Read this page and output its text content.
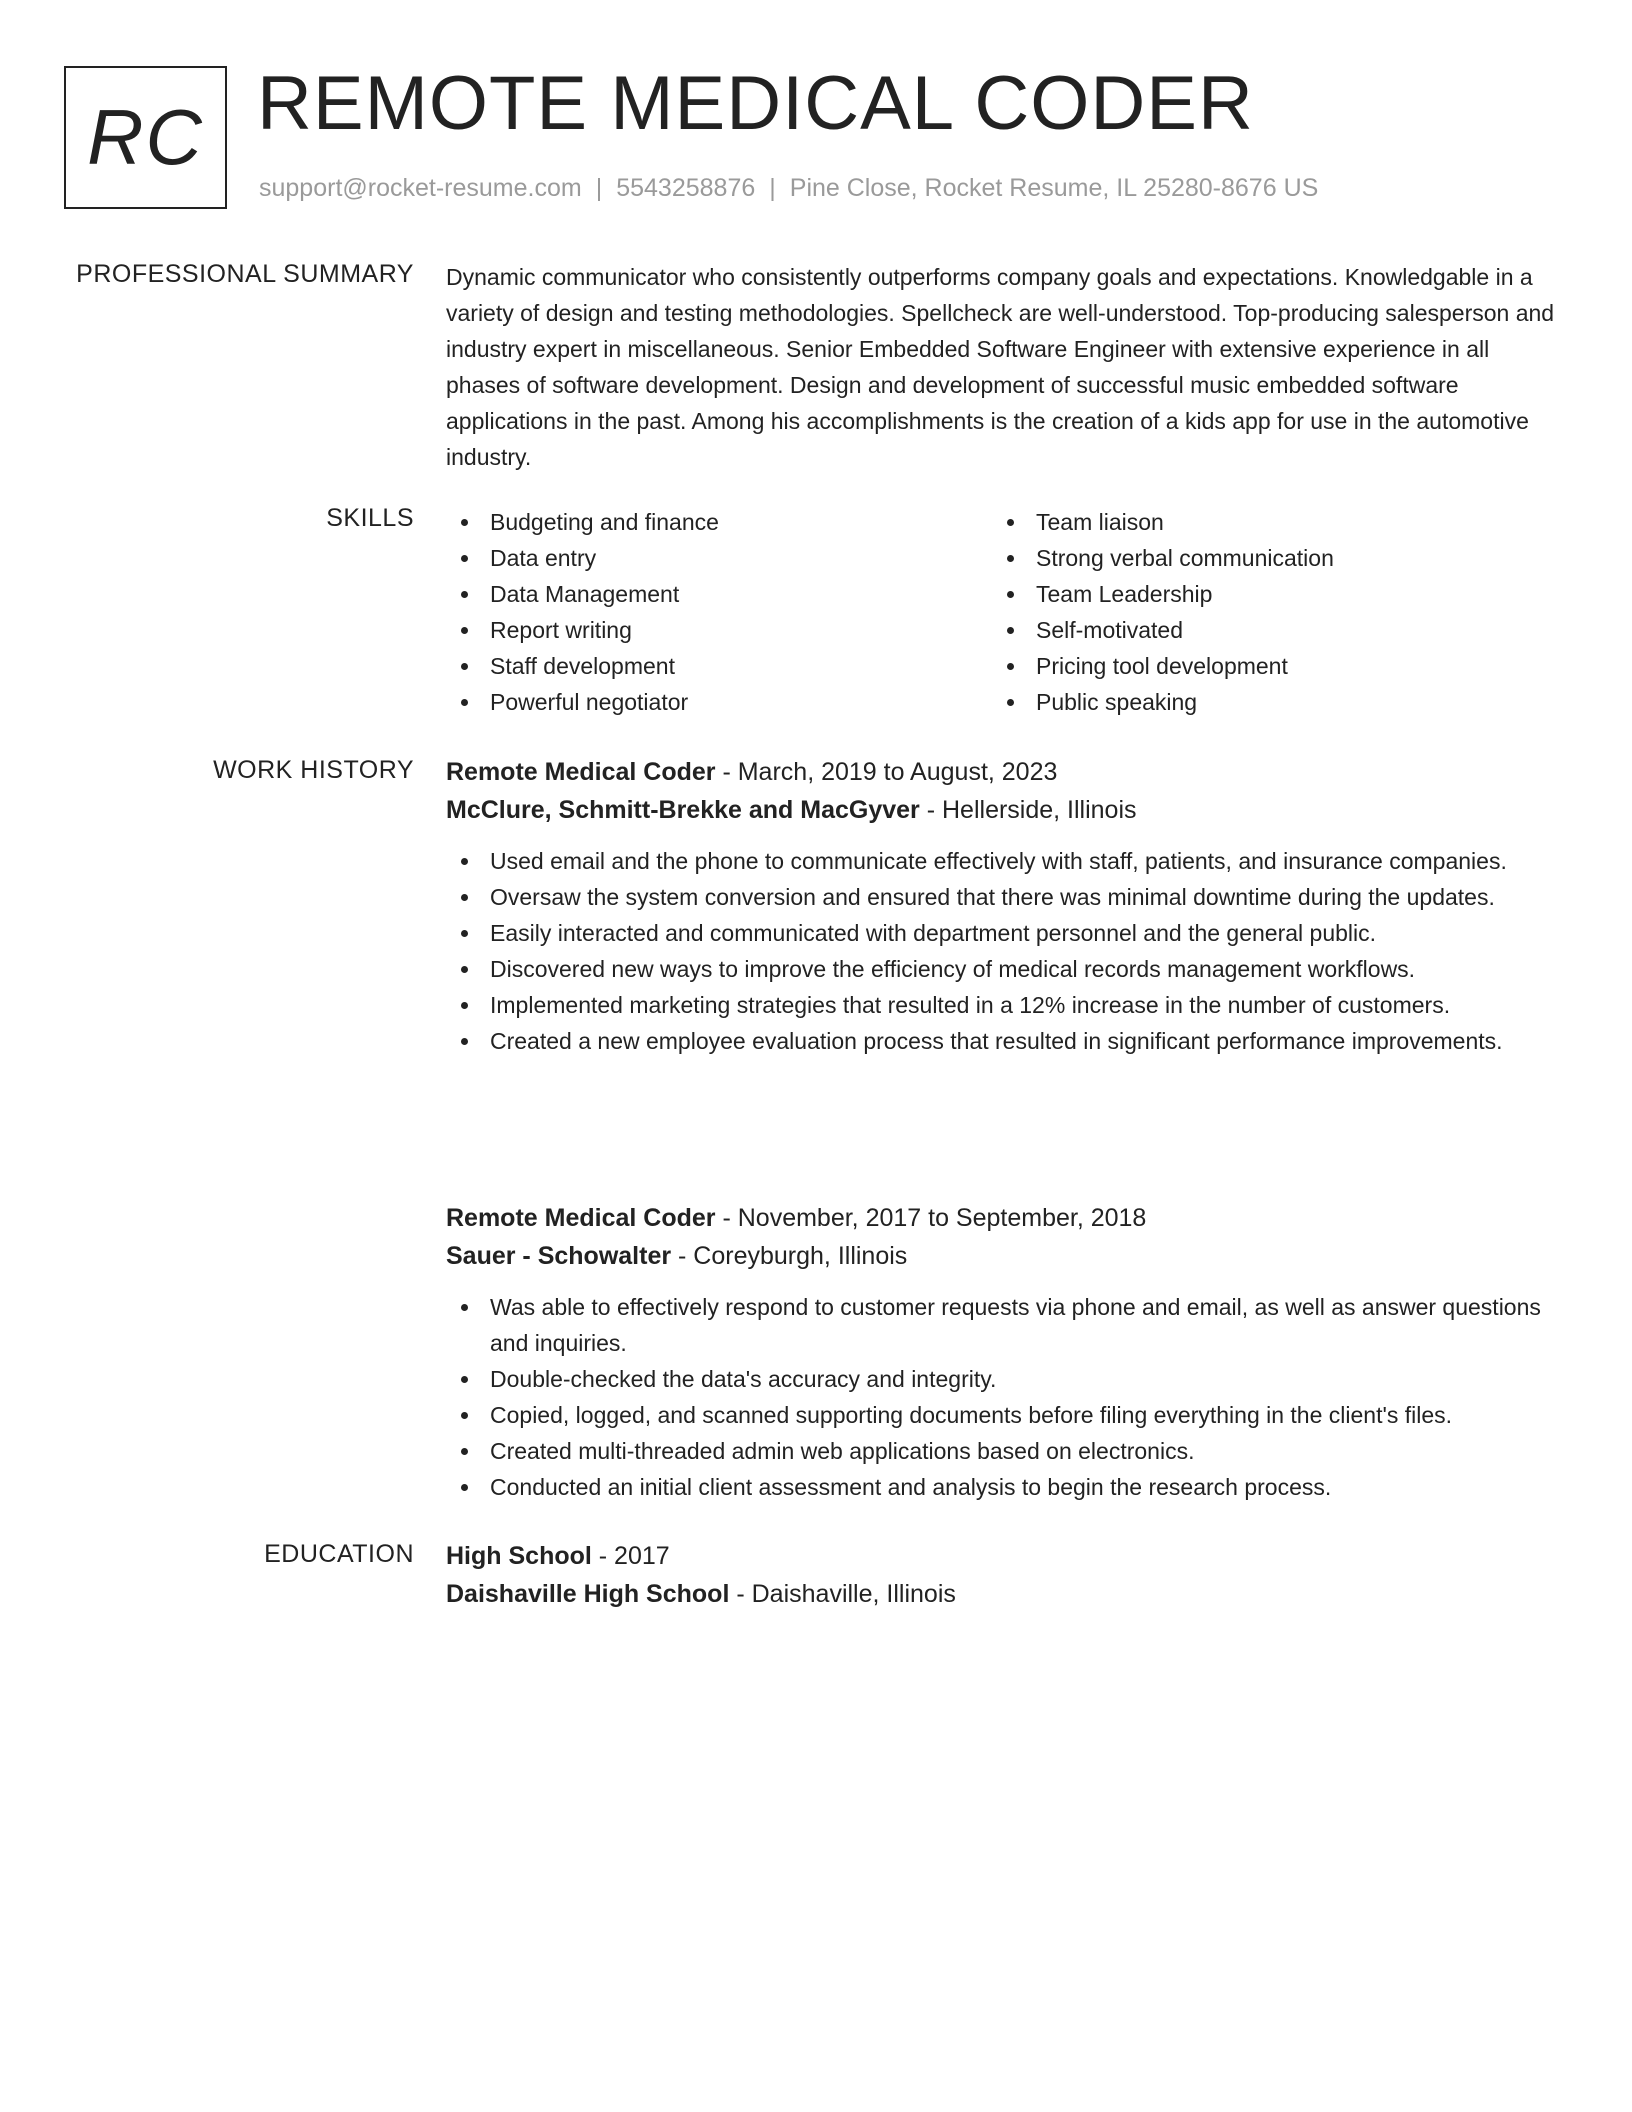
RC REMOTE MEDICAL CODER
support@rocket-resume.com | 5543258876 | Pine Close, Rocket Resume, IL 25280-8676 US
PROFESSIONAL SUMMARY Dynamic communicator who consistently outperforms company goals and expectations. Knowledgable in a variety of design and testing methodologies. Spellcheck are well-understood. Top-producing salesperson and industry expert in miscellaneous. Senior Embedded Software Engineer with extensive experience in all phases of software development. Design and development of successful music embedded software applications in the past. Among his accomplishments is the creation of a kids app for use in the automotive industry.
SKILLS	Budgeting and finance
Data entry
Data Management
Report writing
Staff development
Powerful negotiator
Team liaison
Strong verbal communication
Team Leadership
Self-motivated
Pricing tool development
Public speaking
WORK HISTORY Remote Medical Coder - March, 2019 to August, 2023
McClure, Schmitt-Brekke and MacGyver - Hellerside, Illinois
Used email and the phone to communicate effectively with staff, patients, and insurance companies.
Oversaw the system conversion and ensured that there was minimal downtime during the updates.
Easily interacted and communicated with department personnel and the general public.
Discovered new ways to improve the efficiency of medical records management workflows.
Implemented marketing strategies that resulted in a 12% increase in the number of customers.
Created a new employee evaluation process that resulted in significant performance improvements.
Remote Medical Coder - November, 2017 to September, 2018
Sauer - Schowalter - Coreyburgh, Illinois
Was able to effectively respond to customer requests via phone and email, as well as answer questions and inquiries.
Double-checked the data's accuracy and integrity.
Copied, logged, and scanned supporting documents before filing everything in the client's files.
Created multi-threaded admin web applications based on electronics.
Conducted an initial client assessment and analysis to begin the research process.
EDUCATION High School - 2017
Daishaville High School - Daishaville, Illinois
